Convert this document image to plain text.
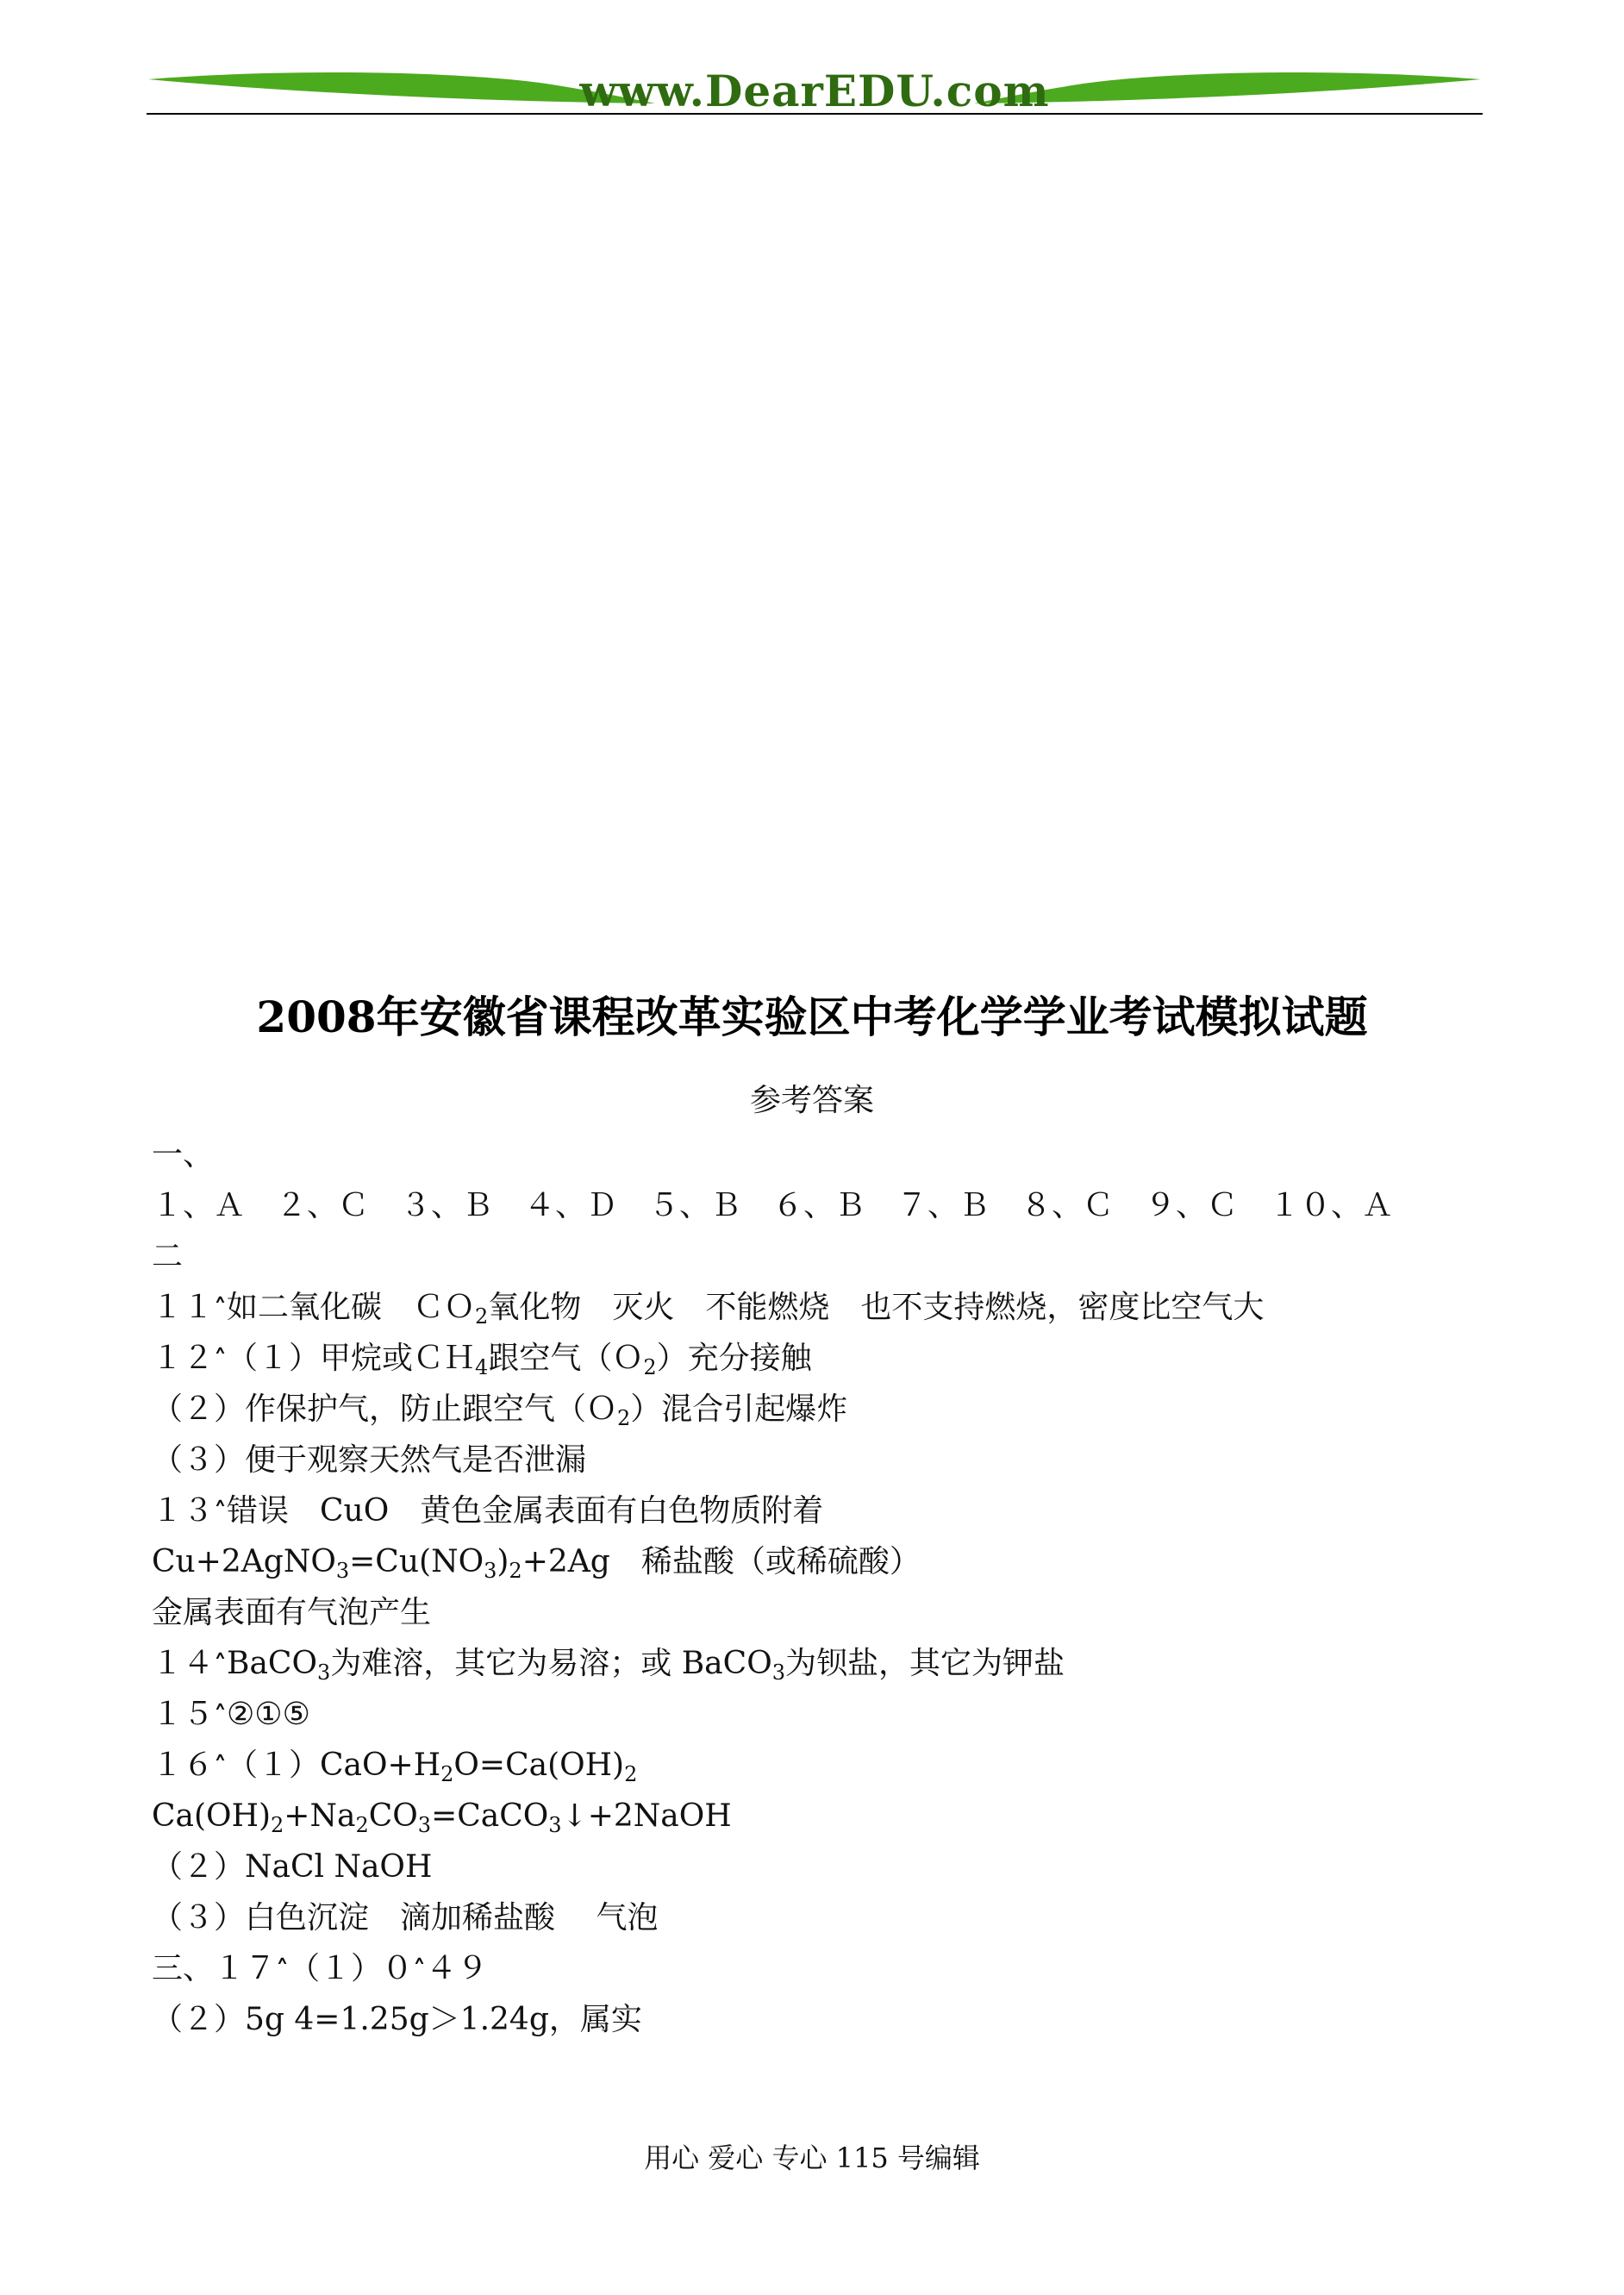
www.DearEDU.com
2008年安徽省课程改革实验区中考化学学业考试模拟试题
参考答案
一、
１、Ａ　２、Ｃ　３、Ｂ　４、Ｄ　５、Ｂ　６、Ｂ　７、Ｂ　８、Ｃ　９、Ｃ　１０、Ａ
二
１１˄如二氧化碳　ＣＯ$_2$氧化物　灭火　不能燃烧　也不支持燃烧，密度比空气大
１２˄（１）甲烷或ＣＨ$_4$跟空气（Ｏ$_2$）充分接触
（２）作保护气，防止跟空气（Ｏ$_2$）混合引起爆炸
（３）便于观察天然气是否泄漏
１３˄错误　CuO　黄色金属表面有白色物质附着
$Cu+2AgNO_3=Cu(NO_3)_2+2Ag$　稀盐酸（或稀硫酸）
金属表面有气泡产生
１４˄BaCO$_3$为难溶，其它为易溶；或 BaCO$_3$为钡盐，其它为钾盐
１５˄②①⑤
$16˄(1)CaO+H_2O=Ca(OH)_2$
$Ca(OH)_2+Na_2CO_3=CaCO_3↓+2NaOH$
（２）NaCl NaOH
（３）白色沉淀　滴加稀盐酸　 气泡
三、１７˄（１）０˄４９
（２）5g 4=1.25g＞1.24g，属实
用心 爱心 专心 115 号编辑
